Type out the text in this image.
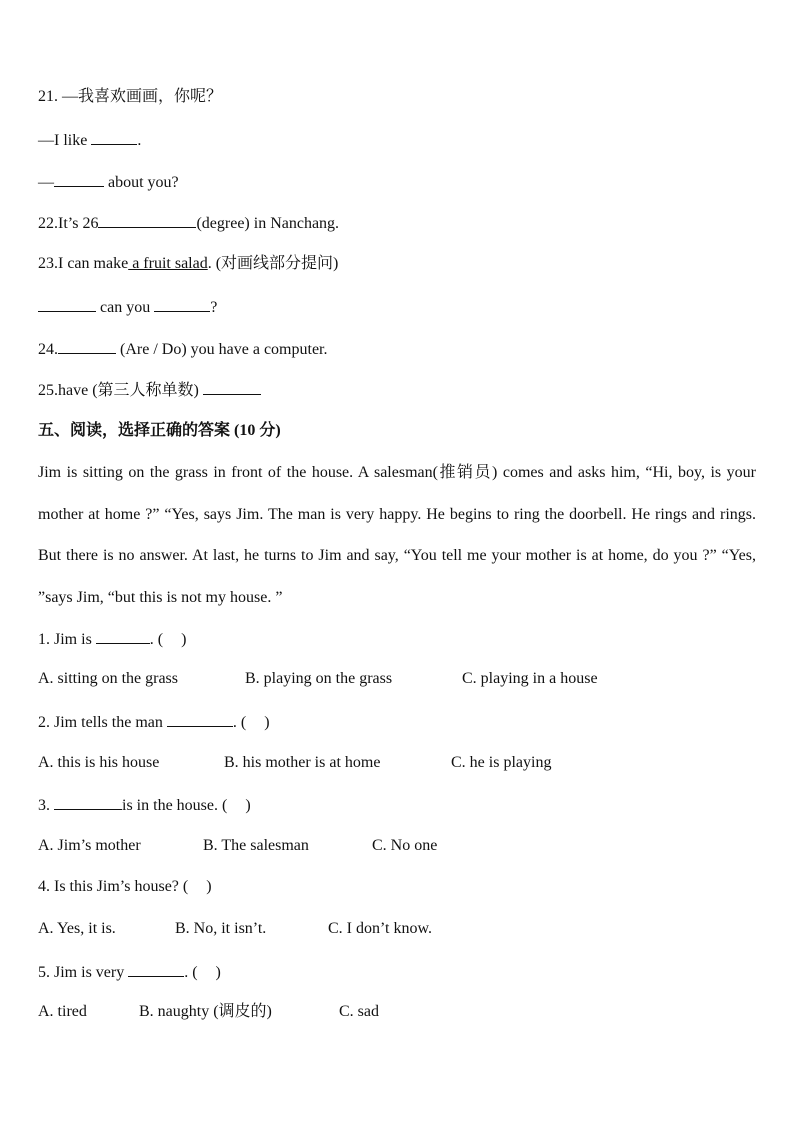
21. —我喜欢画画，你呢？
—I like	.
—	about you?
22.It’s 26	(degree) in Nanchang.
23.I can make a fruit salad. (对画线部分提问)
can you	?
24.	(Are / Do) you have a computer.
25.have (第三人称单数)
五、阅读，选择正确的答案 (10 分)
Jim is sitting on the grass in front of the house. A salesman(推销员) comes and asks him, “Hi, boy, is your mother at home ?” “Yes, says Jim. The man is very happy. He begins to ring the doorbell. He rings and rings. But there is no answer. At last, he turns to Jim and say, “You tell me your mother is at home, do you ?” “Yes, ”says Jim, “but this is not my house. ”
1. Jim is	. ( )
A. sitting on the grass	B. playing on the grass	C. playing in a house
2. Jim tells the man	. ( )
A. this is his house	B. his mother is at home	C. he is playing
3.	is in the house. ( )
A. Jim’s mother	B. The salesman	C. No one
4. Is this Jim’s house? ( )
A. Yes, it is.	B. No, it isn’t.	C. I don’t know.
5. Jim is very	. ( )
A. tired	B. naughty (调皮的)	C. sad
